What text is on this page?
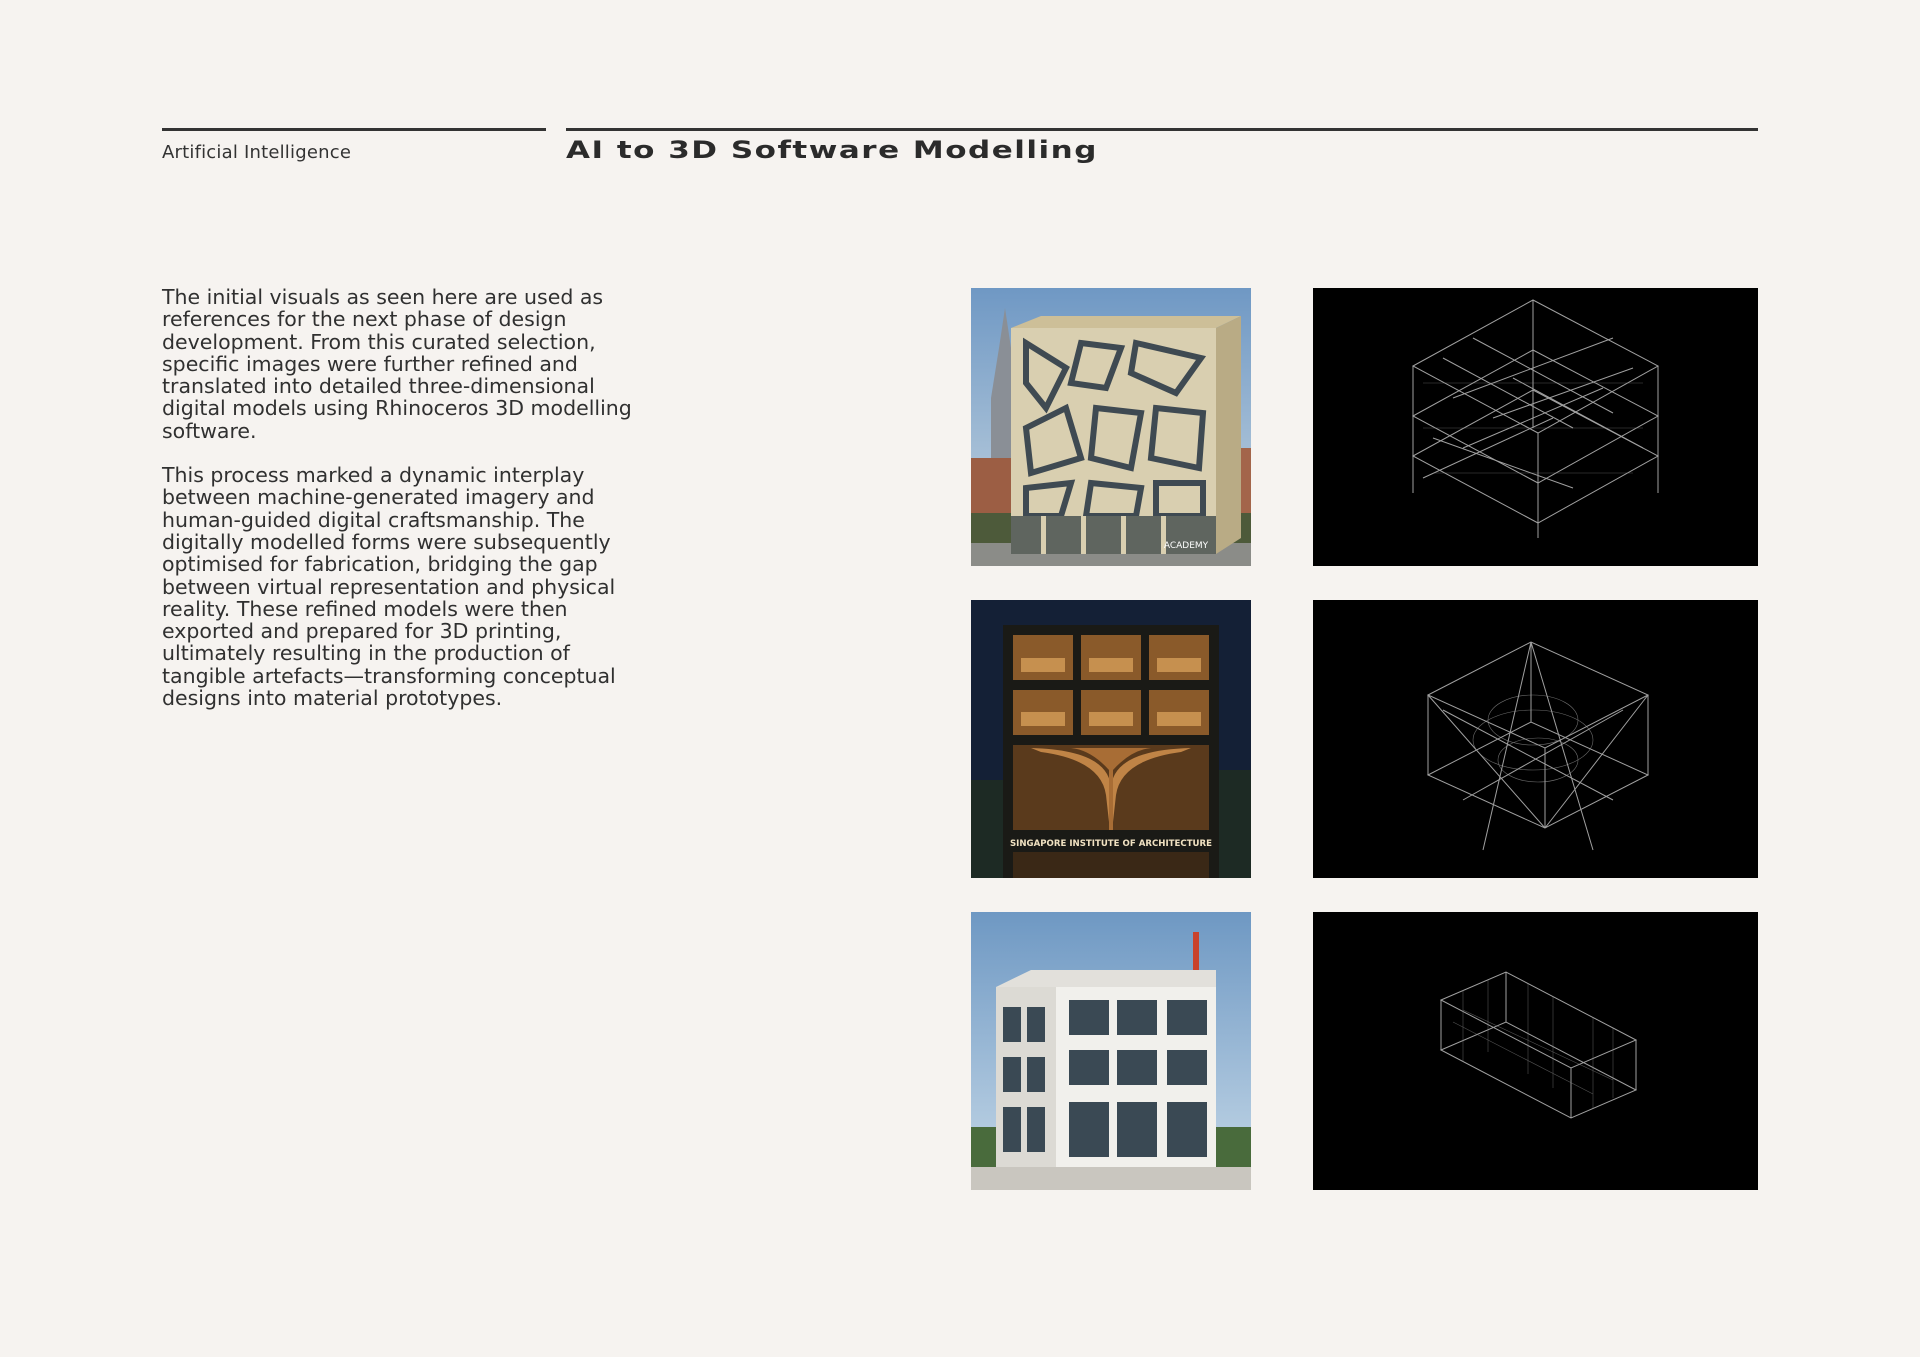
Artificial Intelligence	AI to 3D Software Modelling

The initial visuals as seen here are used as references for the next phase of design development. From this curated selection, specific images were further refined and translated into detailed three-dimensional digital models using Rhinoceros 3D modelling software.

This process marked a dynamic interplay between machine-generated imagery and human-guided digital craftsmanship. The digitally modelled forms were subsequently optimised for fabrication, bridging the gap between virtual representation and physical reality. These refined models were then exported and prepared for 3D printing, ultimately resulting in the production of tangible artefacts—transforming conceptual designs into material prototypes.

ACADEMY
SINGAPORE INSTITUTE OF ARCHITECTURE
